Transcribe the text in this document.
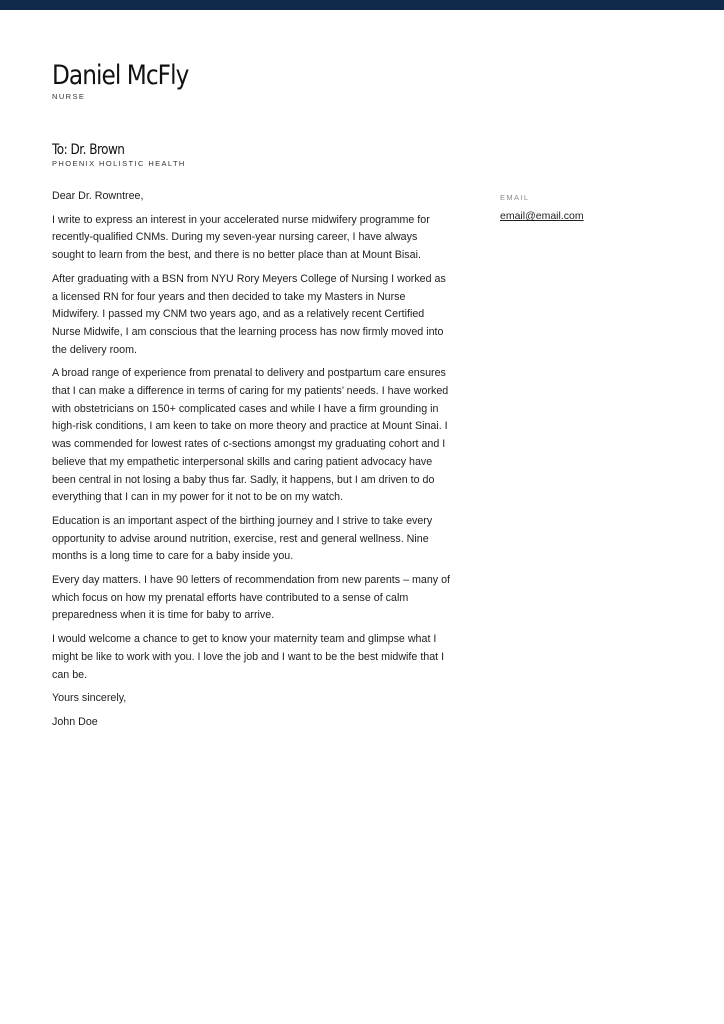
Daniel McFly
NURSE
To: Dr. Brown
PHOENIX HOLISTIC HEALTH
EMAIL
email@email.com

Dear Dr. Rowntree,

I write to express an interest in your accelerated nurse midwifery programme for recently-qualified CNMs. During my seven-year nursing career, I have always sought to learn from the best, and there is no better place than at Mount Bisai.

After graduating with a BSN from NYU Rory Meyers College of Nursing I worked as a licensed RN for four years and then decided to take my Masters in Nurse Midwifery. I passed my CNM two years ago, and as a relatively recent Certified Nurse Midwife, I am conscious that the learning process has now firmly moved into the delivery room.

A broad range of experience from prenatal to delivery and postpartum care ensures that I can make a difference in terms of caring for my patients’ needs. I have worked with obstetricians on 150+ complicated cases and while I have a firm grounding in high-risk conditions, I am keen to take on more theory and practice at Mount Sinai. I was commended for lowest rates of c-sections amongst my graduating cohort and I believe that my empathetic interpersonal skills and caring patient advocacy have been central in not losing a baby thus far. Sadly, it happens, but I am driven to do everything that I can in my power for it not to be on my watch.

Education is an important aspect of the birthing journey and I strive to take every opportunity to advise around nutrition, exercise, rest and general wellness. Nine months is a long time to care for a baby inside you.

Every day matters. I have 90 letters of recommendation from new parents – many of which focus on how my prenatal efforts have contributed to a sense of calm preparedness when it is time for baby to arrive.

I would welcome a chance to get to know your maternity team and glimpse what I might be like to work with you. I love the job and I want to be the best midwife that I can be.

Yours sincerely,

John Doe
